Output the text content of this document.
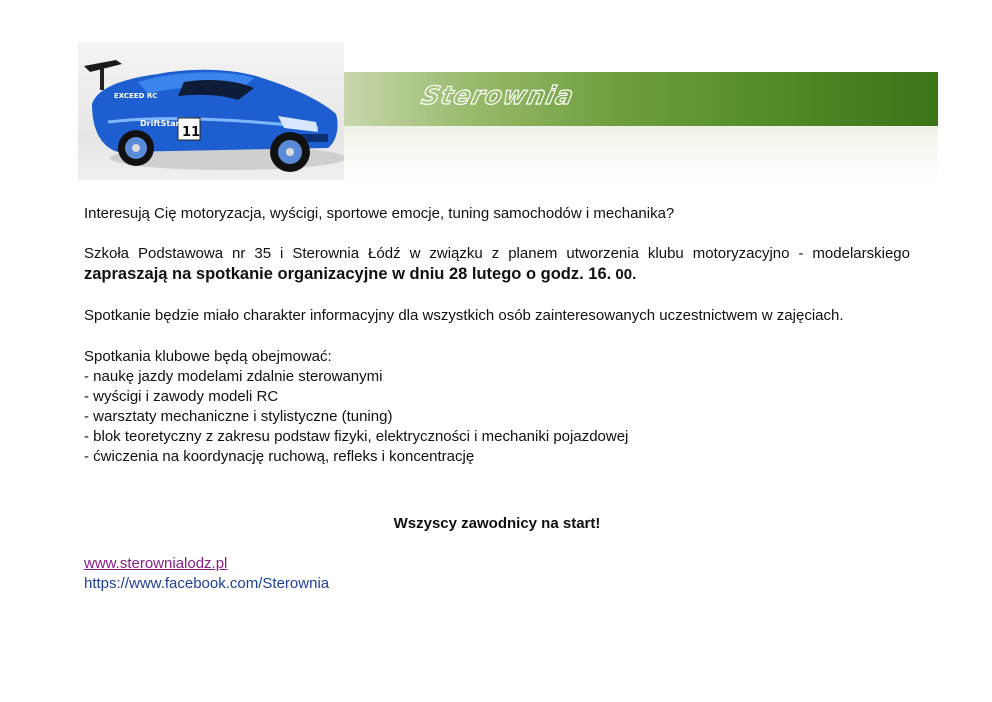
EXCEED RC
DriftStar
11
Sterownia

Interesują Cię motoryzacja, wyścigi, sportowe emocje, tuning samochodów i mechanika?

Szkoła Podstawowa nr 35 i Sterownia Łódź w związku z planem utworzenia klubu motoryzacyjno - modelarskiego zapraszają na spotkanie organizacyjne w dniu 28 lutego o godz. 16. 00.

Spotkanie będzie miało charakter informacyjny dla wszystkich osób zainteresowanych uczestnictwem w zajęciach.

Spotkania klubowe będą obejmować:

- naukę jazdy modelami zdalnie sterowanymi
- wyścigi i zawody modeli RC
- warsztaty mechaniczne i stylistyczne (tuning)
- blok teoretyczny z zakresu podstaw fizyki, elektryczności i mechaniki pojazdowej
- ćwiczenia na koordynację ruchową, refleks i koncentrację

Wszyscy zawodnicy na start!

www.sterownialodz.pl

https://www.facebook.com/Sterownia
